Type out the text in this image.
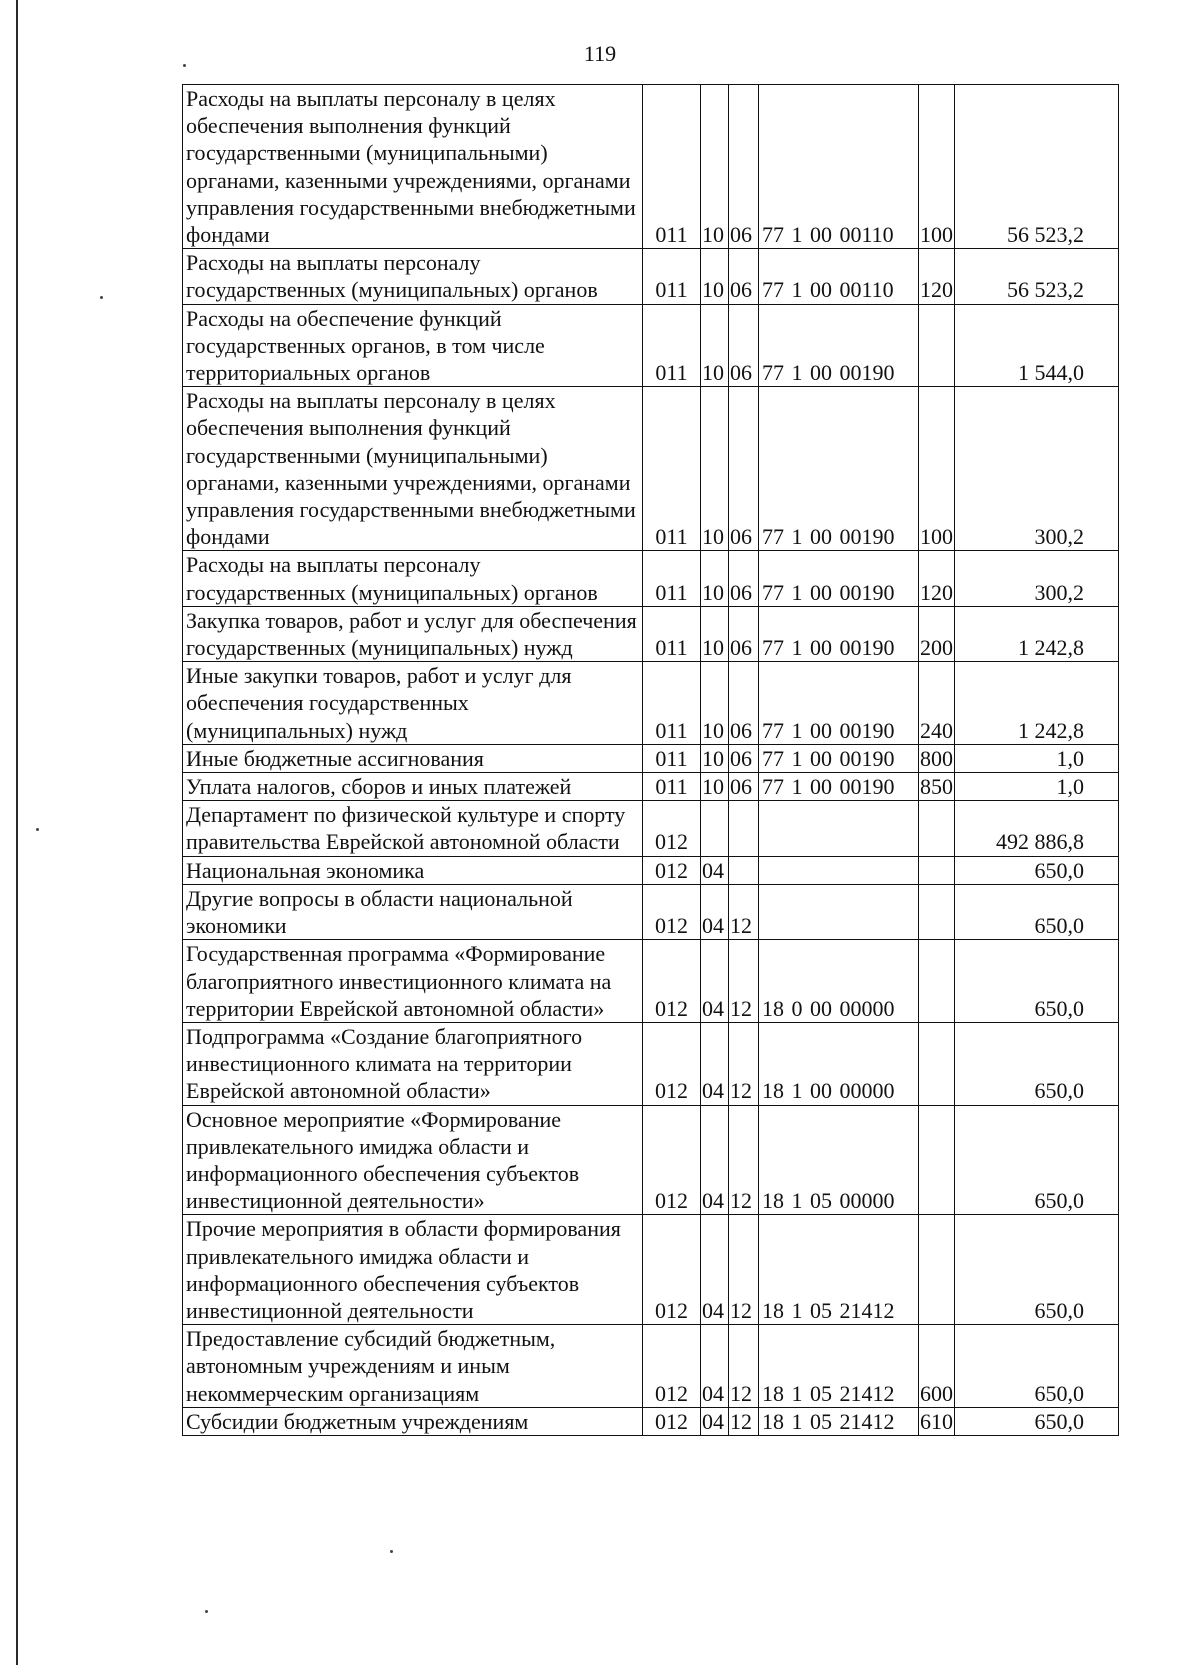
119
Расходы на выплаты персоналу в целях обеспечения выполнения функций государственными (муниципальными) органами, казенными учреждениями, органами управления государственными внебюджетными фондами	011	10	06	77 1 00 00110	100	56 523,2
Расходы на выплаты персоналу государственных (муниципальных) органов	011	10	06	77 1 00 00110	120	56 523,2
Расходы на обеспечение функций государственных органов, в том числе территориальных органов	011	10	06	77 1 00 00190		1 544,0
Расходы на выплаты персоналу в целях обеспечения выполнения функций государственными (муниципальными) органами, казенными учреждениями, органами управления государственными внебюджетными фондами	011	10	06	77 1 00 00190	100	300,2
Расходы на выплаты персоналу государственных (муниципальных) органов	011	10	06	77 1 00 00190	120	300,2
Закупка товаров, работ и услуг для обеспечения государственных (муниципальных) нужд	011	10	06	77 1 00 00190	200	1 242,8
Иные закупки товаров, работ и услуг для обеспечения государственных (муниципальных) нужд	011	10	06	77 1 00 00190	240	1 242,8
Иные бюджетные ассигнования	011	10	06	77 1 00 00190	800	1,0
Уплата налогов, сборов и иных платежей	011	10	06	77 1 00 00190	850	1,0
Департамент по физической культуре и спорту правительства Еврейской автономной области	012					492 886,8
Национальная экономика	012	04				650,0
Другие вопросы в области национальной экономики	012	04	12			650,0
Государственная программа «Формирование благоприятного инвестиционного климата на территории Еврейской автономной области»	012	04	12	18 0 00 00000		650,0
Подпрограмма «Создание благоприятного инвестиционного климата на территории Еврейской автономной области»	012	04	12	18 1 00 00000		650,0
Основное мероприятие «Формирование привлекательного имиджа области и информационного обеспечения субъектов инвестиционной деятельности»	012	04	12	18 1 05 00000		650,0
Прочие мероприятия в области формирования привлекательного имиджа области и информационного обеспечения субъектов инвестиционной деятельности	012	04	12	18 1 05 21412		650,0
Предоставление субсидий бюджетным, автономным учреждениям и иным некоммерческим организациям	012	04	12	18 1 05 21412	600	650,0
Субсидии бюджетным учреждениям	012	04	12	18 1 05 21412	610	650,0
